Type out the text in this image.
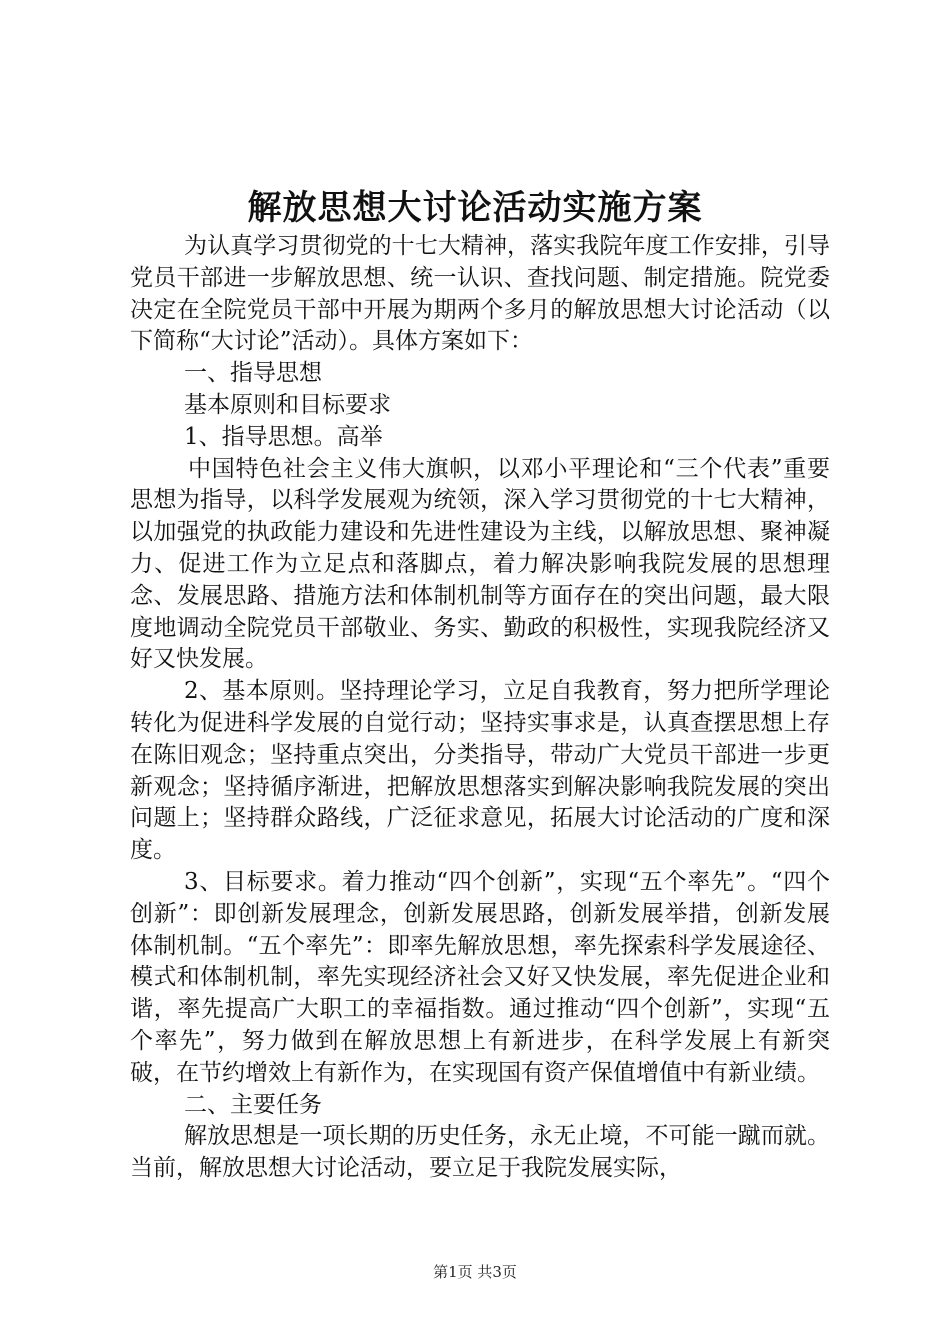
解放思想大讨论活动实施方案

为认真学习贯彻党的十七大精神，落实我院年度工作安排，引导党员干部进一步解放思想、统一认识、查找问题、制定措施。院党委决定在全院党员干部中开展为期两个多月的解放思想大讨论活动（以下简称“大讨论”活动）。具体方案如下：

一、指导思想

基本原则和目标要求

1、指导思想。高举

中国特色社会主义伟大旗帜，以邓小平理论和“三个代表”重要思想为指导，以科学发展观为统领，深入学习贯彻党的十七大精神，以加强党的执政能力建设和先进性建设为主线，以解放思想、聚神凝力、促进工作为立足点和落脚点，着力解决影响我院发展的思想理念、发展思路、措施方法和体制机制等方面存在的突出问题，最大限度地调动全院党员干部敬业、务实、勤政的积极性，实现我院经济又好又快发展。

2、基本原则。坚持理论学习，立足自我教育，努力把所学理论转化为促进科学发展的自觉行动；坚持实事求是，认真查摆思想上存在陈旧观念；坚持重点突出，分类指导，带动广大党员干部进一步更新观念；坚持循序渐进，把解放思想落实到解决影响我院发展的突出问题上；坚持群众路线，广泛征求意见，拓展大讨论活动的广度和深度。

3、目标要求。着力推动“四个创新”，实现“五个率先”。“四个创新”：即创新发展理念，创新发展思路，创新发展举措，创新发展体制机制。“五个率先”：即率先解放思想，率先探索科学发展途径、模式和体制机制，率先实现经济社会又好又快发展，率先促进企业和谐，率先提高广大职工的幸福指数。通过推动“四个创新”，实现“五个率先”，努力做到在解放思想上有新进步，在科学发展上有新突破，在节约增效上有新作为，在实现国有资产保值增值中有新业绩。

二、主要任务

解放思想是一项长期的历史任务，永无止境，不可能一蹴而就。当前，解放思想大讨论活动，要立足于我院发展实际，

第1页 共3页
